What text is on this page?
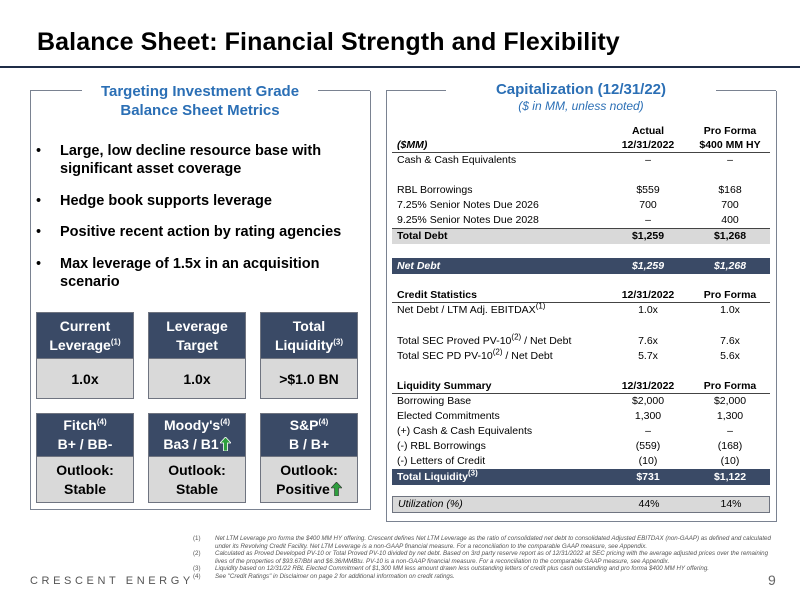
Balance Sheet: Financial Strength and Flexibility
Targeting Investment Grade
Balance Sheet Metrics
• Large, low decline resource base with significant asset coverage
• Hedge book supports leverage
• Positive recent action by rating agencies
• Max leverage of 1.5x in an acquisition scenario
Current
Leverage$^{(1)}$
1.0x
Leverage
Target
1.0x
Total
Liquidity$^{(3)}$
>$1.0 BN
Fitch$^{(4)}$
B+ / BB-
Outlook:
Stable
$Moody's^{(4)}$
Ba3 / B1
Outlook:
Stable
$S\&P^{(4)}$
B / B+
Outlook:
Positive
Capitalization (12/31/22)
($ in MM, unless noted)
Actual	Pro Forma
($MM)	12/31/2022	$400 MM HY
Cash & Cash Equivalents	–	–
RBL Borrowings	$559	$168
7.25% Senior Notes Due 2026	700	700
9.25% Senior Notes Due 2028	–	400
Total Debt	$1,259	$1,268
Net Debt	$1,259	$1,268
Credit Statistics	12/31/2022	Pro Forma
Net Debt / LTM Adj. EBITDAX$^{(1)}$	1.0x	1.0x
Total SEC Proved PV-10$^{(2)}$ / Net Debt	7.6x	7.6x
Total SEC PD PV-10$^{(2)}$ / Net Debt	5.7x	5.6x
Liquidity Summary	12/31/2022	Pro Forma
Borrowing Base	$2,000	$2,000
Elected Commitments	1,300	1,300
(+) Cash & Cash Equivalents	–	–
(-) RBL Borrowings	(559)	(168)
(-) Letters of Credit	(10)	(10)
Total Liquidity$^{(3)}$	$731	$1,122
Utilization (%)	44%	14%
(1) Net LTM Leverage pro forma the $400 MM HY offering. Crescent defines Net LTM Leverage as the ratio of consolidated net debt to consolidated Adjusted EBITDAX (non-GAAP) as defined and calculated under its Revolving Credit Facility. Net LTM Leverage is a non-GAAP financial measure. For a reconciliation to the comparable GAAP measure, see Appendix.
(2) Calculated as Proved Developed PV-10 or Total Proved PV-10 divided by net debt. Based on 3rd party reserve report as of 12/31/2022 at SEC pricing with the average adjusted prices over the remaining lives of the properties of $93.67/Bbl and $6.36/MMBtu. PV-10 is a non-GAAP financial measure. For a reconciliation to the comparable GAAP measure, see Appendix.
(3) Liquidity based on 12/31/22 RBL Elected Commitment of $1,300 MM less amount drawn less outstanding letters of credit plus cash outstanding and pro forma $400 MM HY offering.
(4) See "Credit Ratings" in Disclaimer on page 2 for additional information on credit ratings.
CRESCENT ENERGY	9
